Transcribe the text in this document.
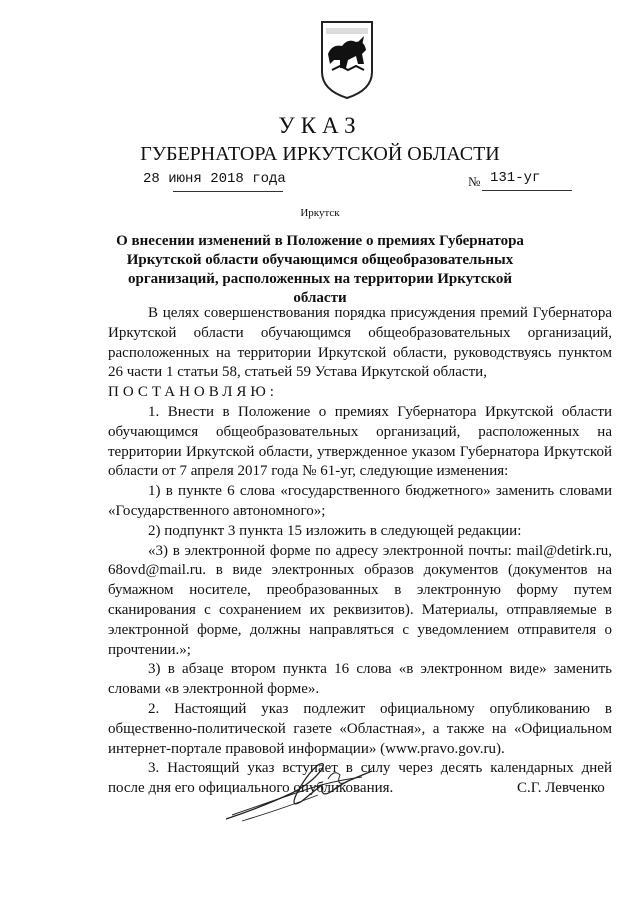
УКАЗ
ГУБЕРНАТОРА ИРКУТСКОЙ ОБЛАСТИ
28 июня 2018 года	№ 131-уг
Иркутск
О внесении изменений в Положение о премиях Губернатора Иркутской области обучающимся общеобразовательных организаций, расположенных на территории Иркутской области

В целях совершенствования порядка присуждения премий Губернатора Иркутской области обучающимся общеобразовательных организаций, расположенных на территории Иркутской области, руководствуясь пунктом 26 части 1 статьи 58, статьей 59 Устава Иркутской области,

ПОСТАНОВЛЯЮ:

1. Внести в Положение о премиях Губернатора Иркутской области обучающимся общеобразовательных организаций, расположенных на территории Иркутской области, утвержденное указом Губернатора Иркутской области от 7 апреля 2017 года № 61-уг, следующие изменения:

1) в пункте 6 слова «государственного бюджетного» заменить словами «Государственного автономного»;

2) подпункт 3 пункта 15 изложить в следующей редакции:

«3) в электронной форме по адресу электронной почты: mail@detirk.ru, 68ovd@mail.ru. в виде электронных образов документов (документов на бумажном носителе, преобразованных в электронную форму путем сканирования с сохранением их реквизитов). Материалы, отправляемые в электронной форме, должны направляться с уведомлением отправителя о прочтении.»;

3) в абзаце втором пункта 16 слова «в электронном виде» заменить словами «в электронной форме».

2. Настоящий указ подлежит официальному опубликованию в общественно-политической газете «Областная», а также на «Официальном интернет-портале правовой информации» (www.pravo.gov.ru).

3. Настоящий указ вступает в силу через десять календарных дней после дня его официального опубликования.	С.Г. Левченко
